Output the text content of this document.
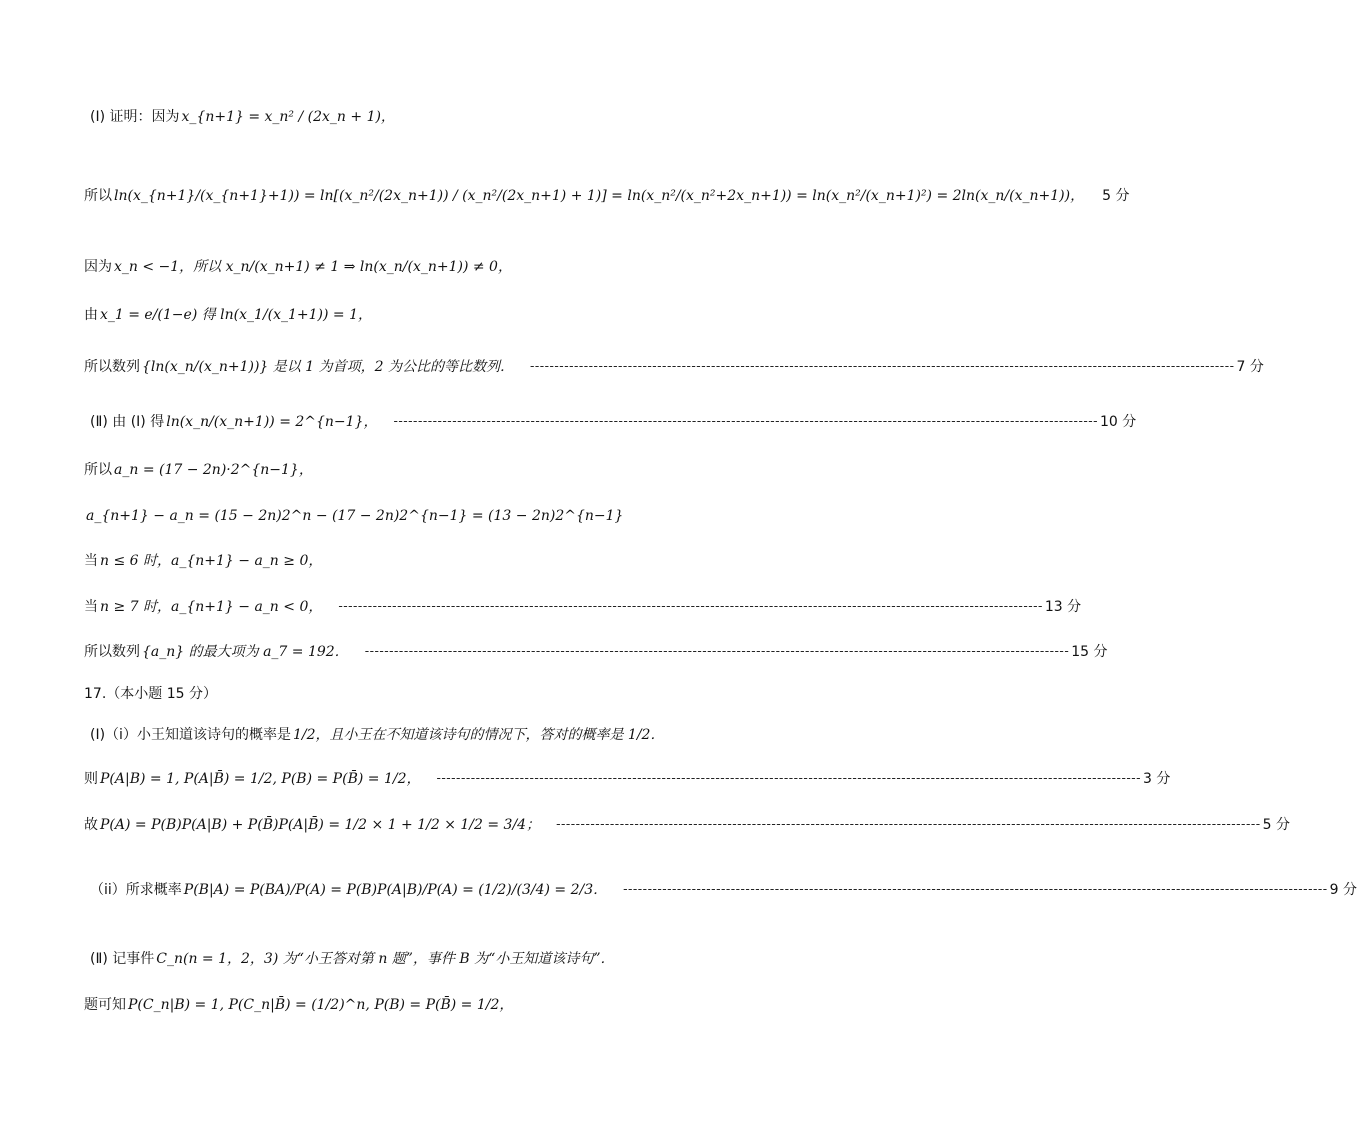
(Ⅰ) 证明：因为 x_{n+1} = x_n² / (2x_n + 1)，
所以 ln(x_{n+1}/(x_{n+1}+1)) = ln[(x_n²/(2x_n+1)) / (x_n²/(2x_n+1) + 1)] = ln(x_n²/(x_n²+2x_n+1)) = ln(x_n²/(x_n+1)²) = 2ln(x_n/(x_n+1))， 5 分
因为 x_n < −1，所以 x_n/(x_n+1) ≠ 1 ⇒ ln(x_n/(x_n+1)) ≠ 0，
由 x_1 = e/(1−e) 得 ln(x_1/(x_1+1)) = 1，
所以数列 {ln(x_n/(x_n+1))} 是以 1 为首项，2 为公比的等比数列． ------------------------------------------------------------------------------------------------------------------------------------------------ 7 分
(Ⅱ) 由 (Ⅰ) 得 ln(x_n/(x_n+1)) = 2^{n−1}， ------------------------------------------------------------------------------------------------------------------------------------------------ 10 分
所以 a_n = (17 − 2n)·2^{n−1}，
a_{n+1} − a_n = (15 − 2n)2^n − (17 − 2n)2^{n−1} = (13 − 2n)2^{n−1}
当 n ≤ 6 时，a_{n+1} − a_n ≥ 0，
当 n ≥ 7 时，a_{n+1} − a_n < 0， ------------------------------------------------------------------------------------------------------------------------------------------------ 13 分
所以数列 {a_n} 的最大项为 a_7 = 192． ------------------------------------------------------------------------------------------------------------------------------------------------ 15 分
17.（本小题 15 分）
(Ⅰ)（i）小王知道该诗句的概率是 1/2，且小王在不知道该诗句的情况下，答对的概率是 1/2．
则 P(A|B) = 1, P(A|B̄) = 1/2, P(B) = P(B̄) = 1/2， ------------------------------------------------------------------------------------------------------------------------------------------------ 3 分
故 P(A) = P(B)P(A|B) + P(B̄)P(A|B̄) = 1/2 × 1 + 1/2 × 1/2 = 3/4； ------------------------------------------------------------------------------------------------------------------------------------------------ 5 分
（ii）所求概率 P(B|A) = P(BA)/P(A) = P(B)P(A|B)/P(A) = (1/2)/(3/4) = 2/3． ------------------------------------------------------------------------------------------------------------------------------------------------ 9 分
(Ⅱ) 记事件 C_n(n = 1，2，3) 为“小王答对第 n 题”，事件 B 为“小王知道该诗句”．
题可知 P(C_n|B) = 1, P(C_n|B̄) = (1/2)^n, P(B) = P(B̄) = 1/2，
